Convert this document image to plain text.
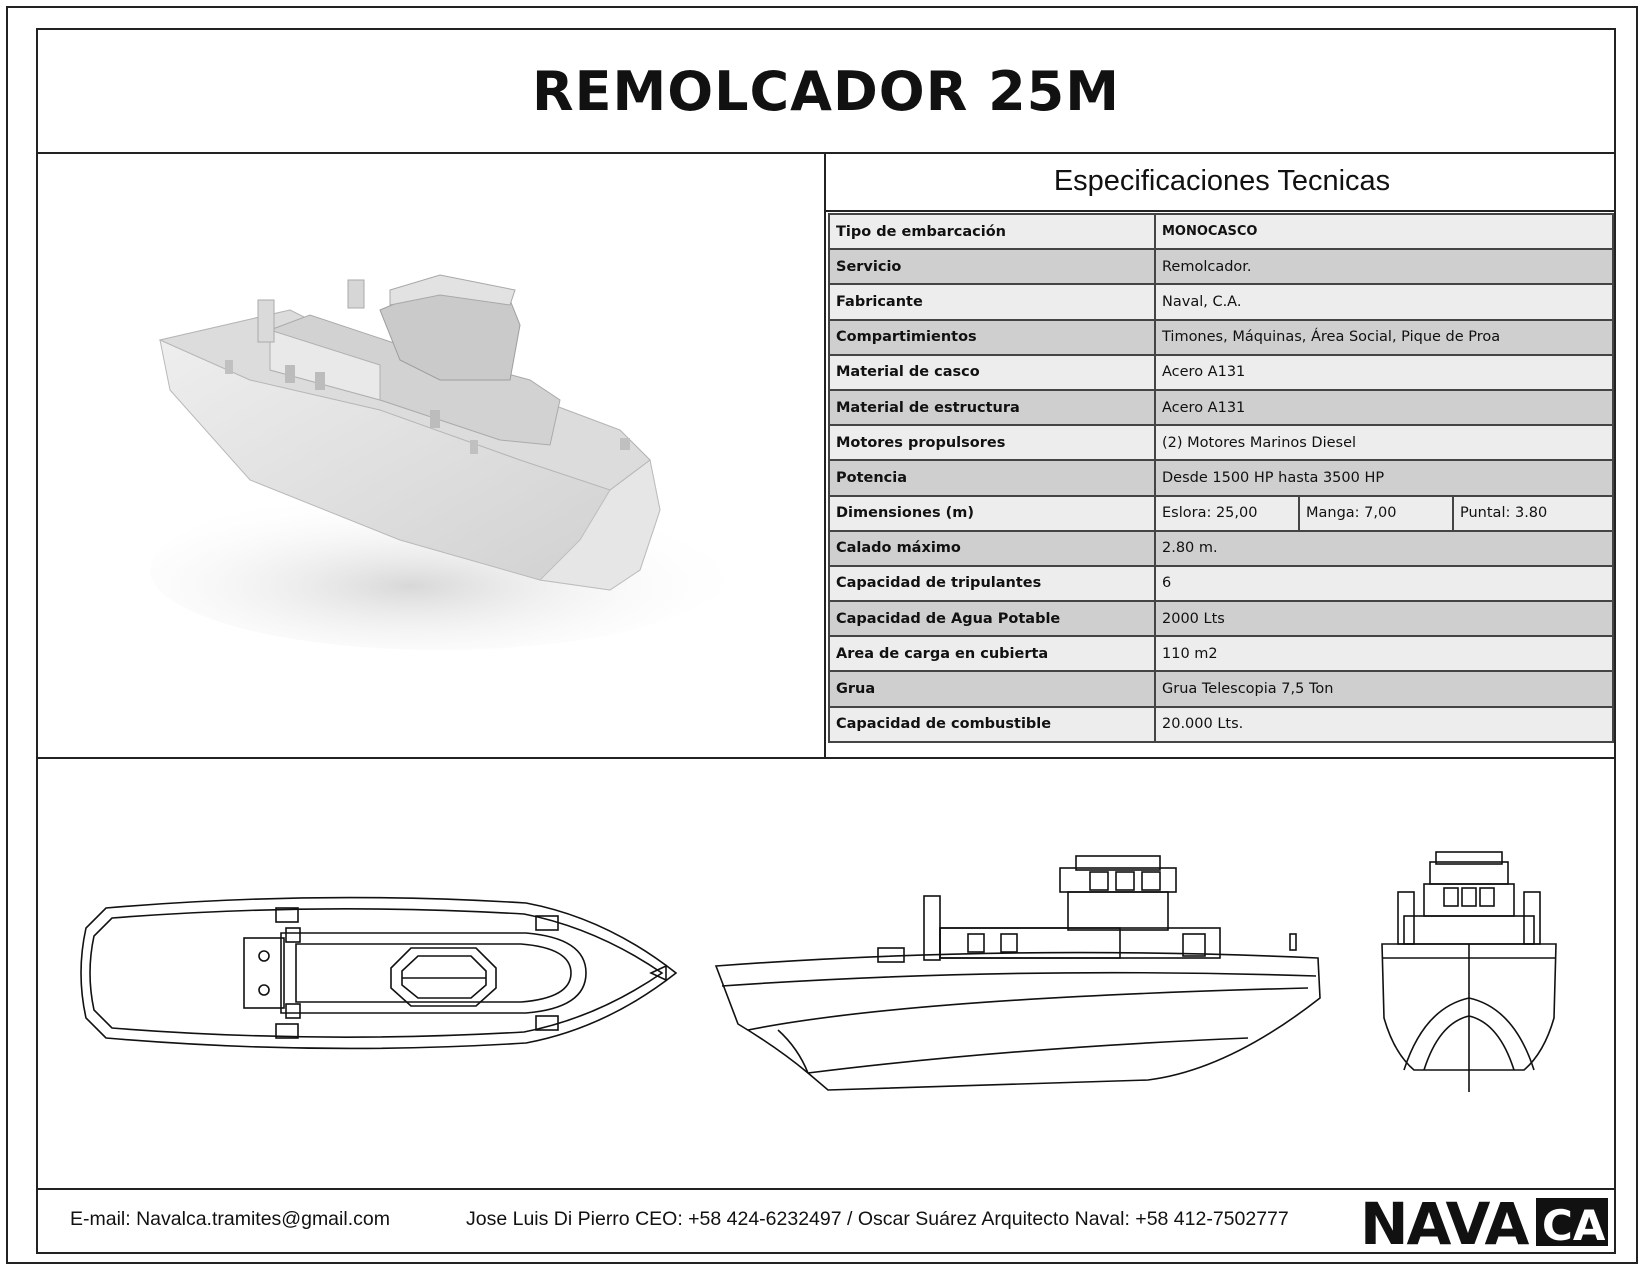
REMOLCADOR 25M
Especificaciones Tecnicas
Tipo de embarcación	MONOCASCO		
Servicio	Remolcador.		
Fabricante	Naval, C.A.		
Compartimientos	Timones, Máquinas, Área Social, Pique de Proa		
Material de casco	Acero A131		
Material de estructura	Acero A131		
Motores propulsores	(2) Motores Marinos Diesel		
Potencia	Desde 1500 HP hasta 3500 HP		
Dimensiones (m)	Eslora: 25,00	Manga: 7,00	Puntal: 3.80
Calado máximo	2.80 m.		
Capacidad de tripulantes	6		
Capacidad de Agua Potable	2000 Lts		
Area de carga en cubierta	110 m2		
Grua	Grua Telescopia 7,5 Ton		
Capacidad de combustible	20.000 Lts.		
E-mail: Navalca.tramites@gmail.com	Jose Luis Di Pierro CEO: +58 424-6232497 / Oscar Suárez Arquitecto Naval: +58 412-7502777 NAVA CA
